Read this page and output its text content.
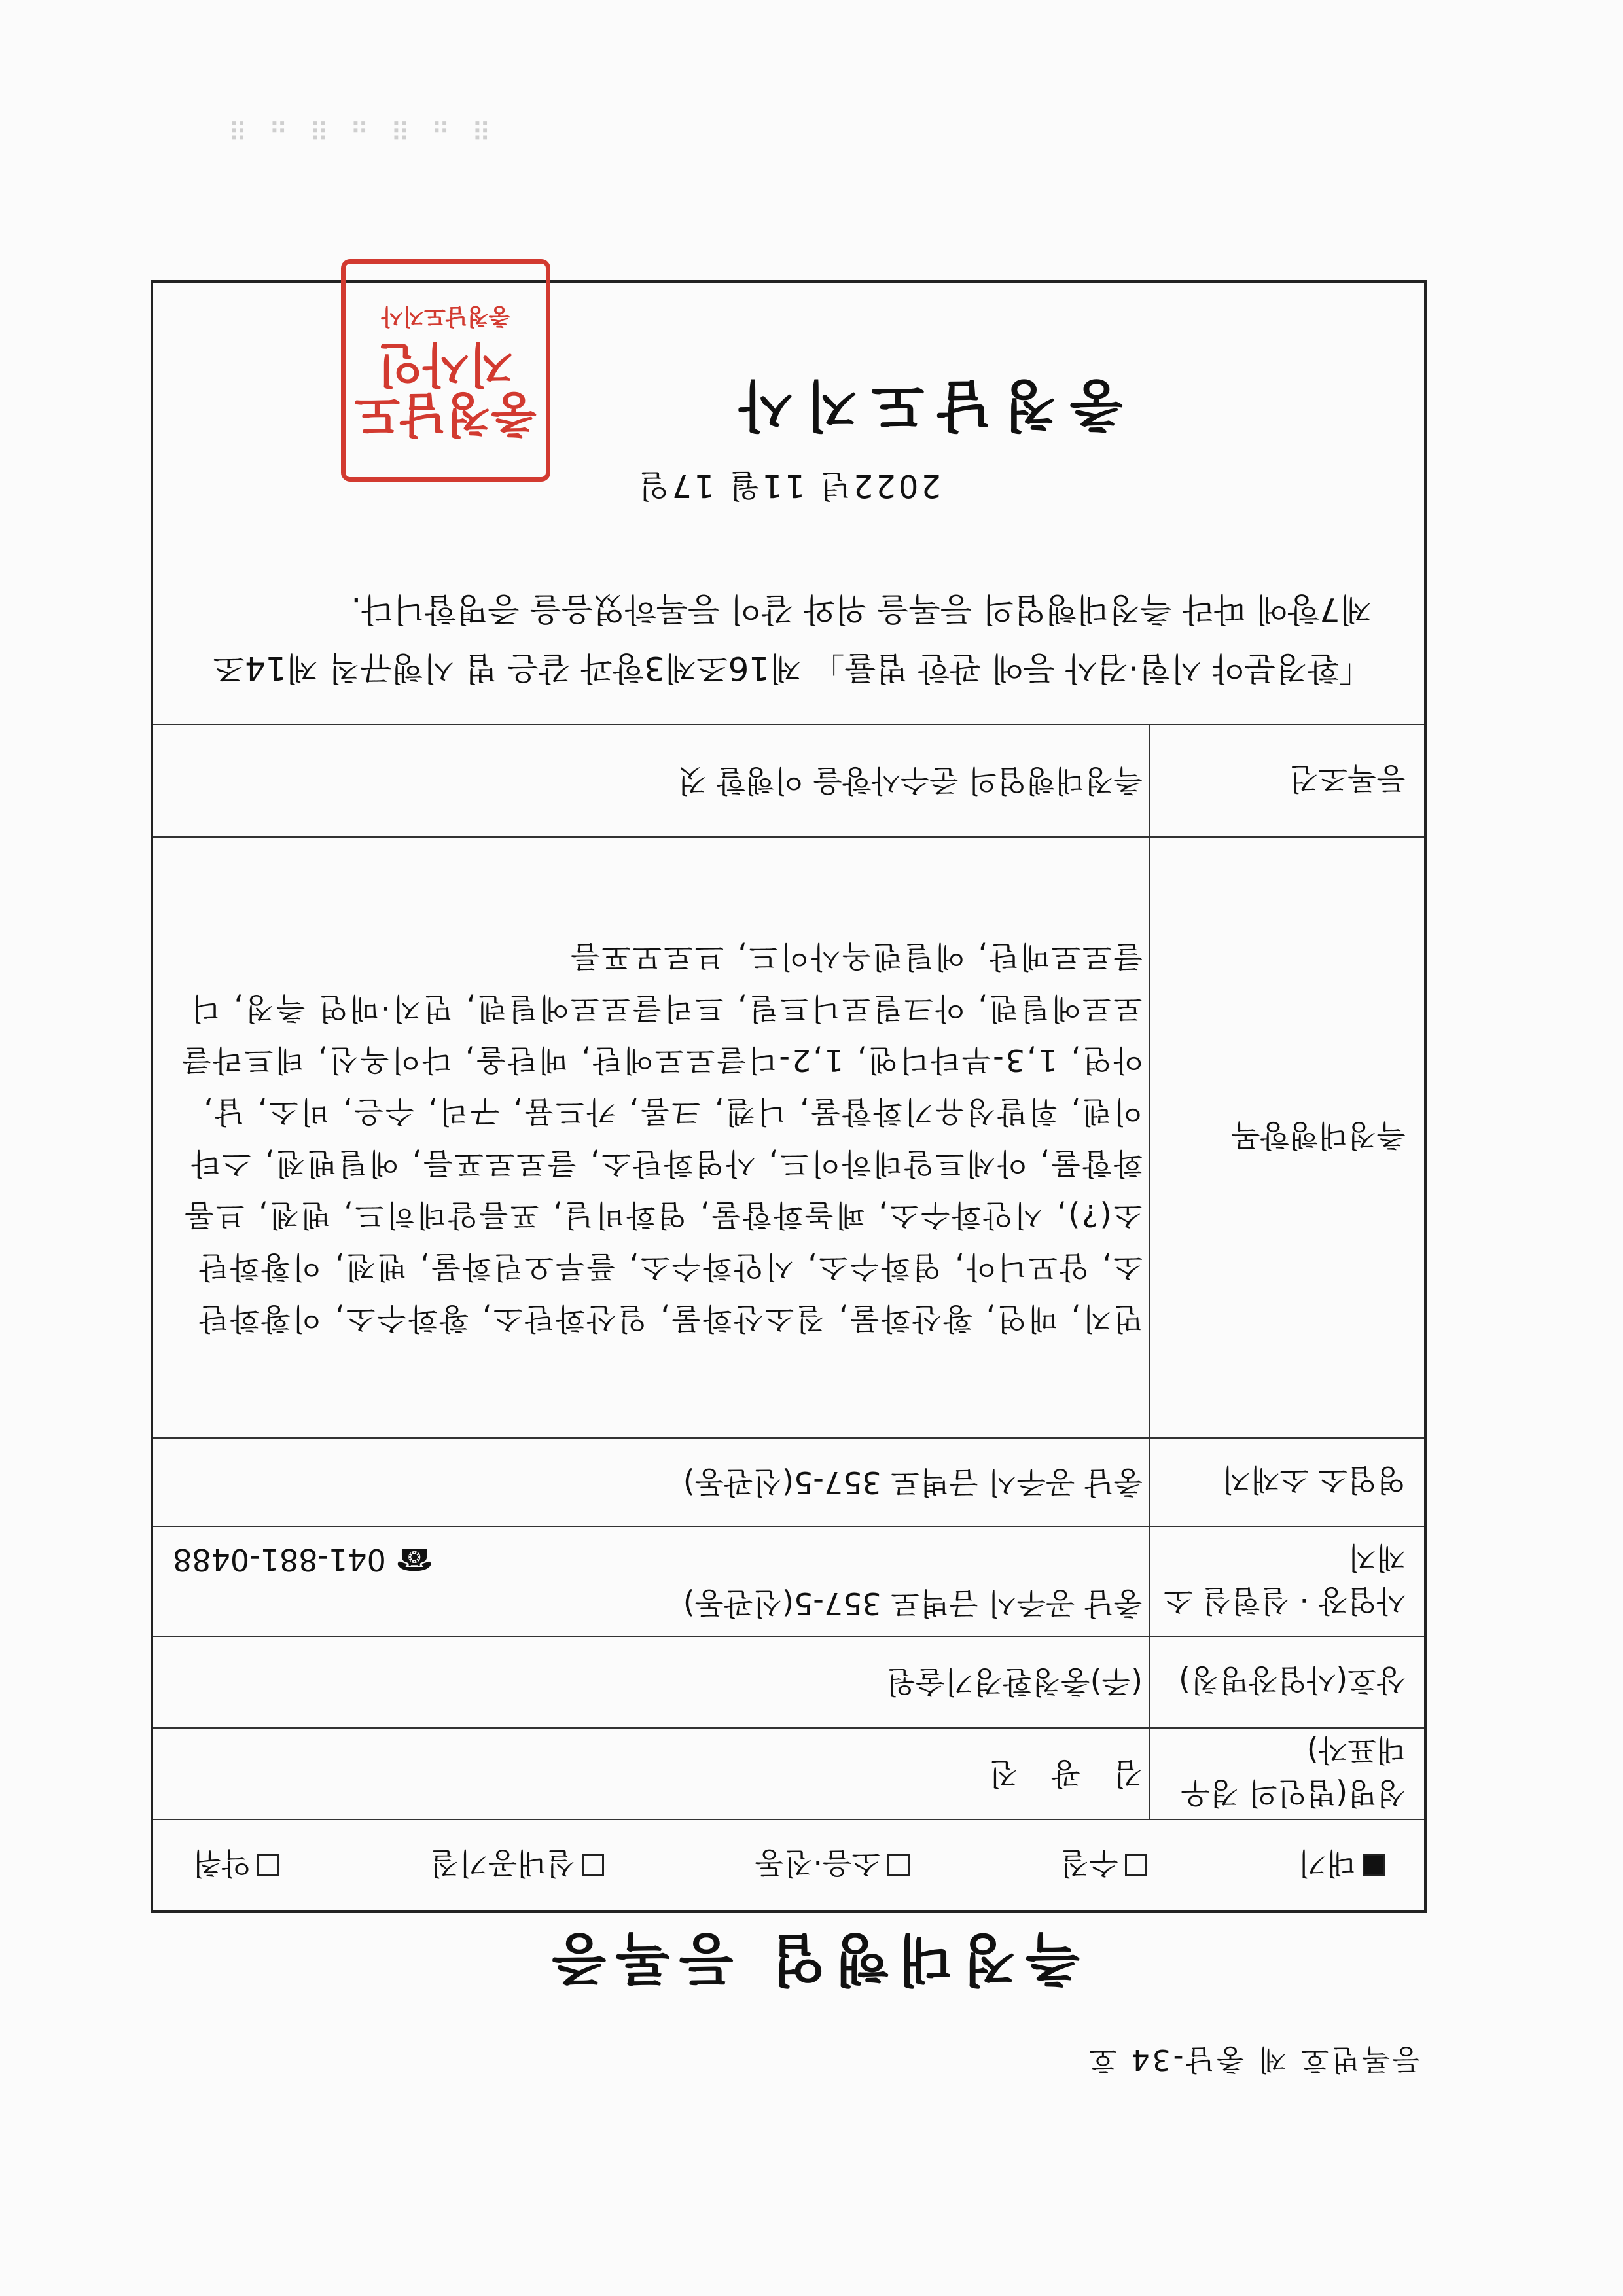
등록번호 제 충남-34 호
측정대행업 등록증
대기
수질
소음·진동
실내공기질
악취
성명(법인의 경우 대표자)
김 광 진
상호(사업장명칭)
(주)충청환경기술원
사업장 · 실험실 소재지
충남 공주시 금벽로 357-5(신관동)
☎ 041-881-0488
영업소 소재지
충남 공주시 금벽로 357-5(신관동)
측정대행항목
먼지, 매연, 황산화물, 질소산화물, 일산화탄소, 황화수소, 이황화탄소, 암모니아, 염화수소, 시안화수소, 플루오린화물, 벤젠, 이황화탄소(?), 시안화수소, 페놀화합물, 염화비닐, 포름알데히드, 벤젠, 브롬화합물, 아세트알데하이드, 사염화탄소, 클로로포름, 에틸벤젠, 스타이렌, 휘발성유기화합물, 니켈, 크롬, 카드뮴, 구리, 수은, 비소, 납, 아연, 1,3-부타디엔, 1,2-디클로로에탄, 메탄올, 다이옥신, 테트라클로로에틸렌, 아크릴로니트릴, 트리클로로에틸렌, 먼지·매연 측정, 디클로로메탄, 에틸렌옥사이드, 브로모포름
등록조건
측정대행업의 준수사항을 이행할 것
「환경분야 시험·검사 등에 관한 법률」 제16조제3항과 같은 법 시행규칙 제14조제7항에 따라 측정대행업의 등록을 위와 같이 등록하였음을 증명합니다.
2022년 11월 17일
충청남도지사
충청남도
지사인
충청남도지사
⠿ ⠶ ⠿ ⠶ ⠿ ⠶ ⠿
